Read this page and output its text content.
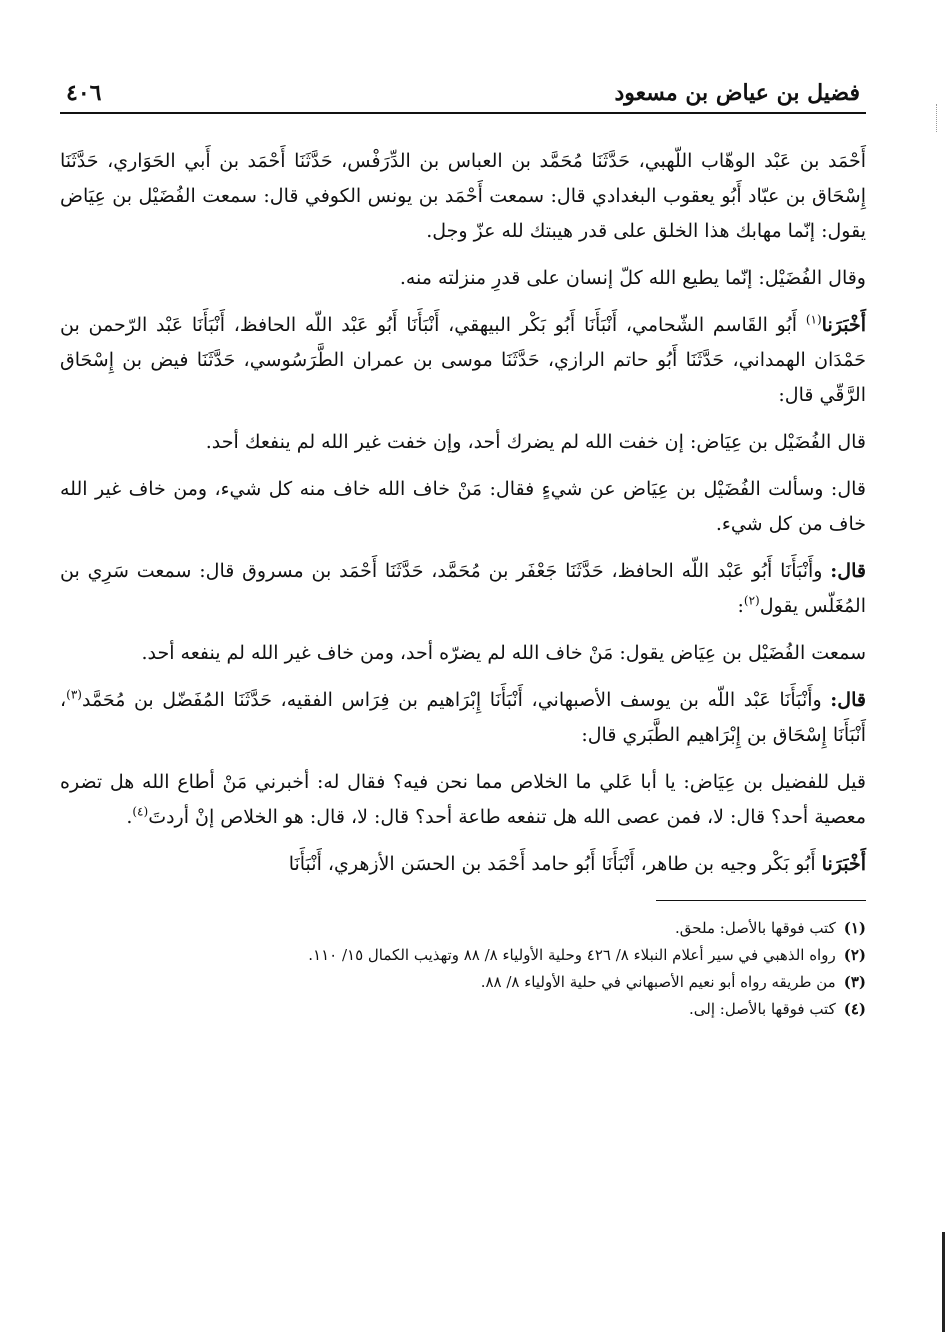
فضيل بن عياض بن مسعود
٤٠٦

أَحْمَد بن عَبْد الوهّاب اللّهبي، حَدَّثَنَا مُحَمَّد بن العباس بن الدِّرَفْس، حَدَّثَنَا أَحْمَد بن أَبي الحَوَاري، حَدَّثَنَا إِسْحَاق بن عبّاد أَبُو يعقوب البغدادي قال: سمعت أَحْمَد بن يونس الكوفي قال: سمعت الفُضَيْل بن عِيَاض يقول: إنّما مهابك هذا الخلق على قدر هيبتك لله عزّ وجل.

وقال الفُضَيْل: إنّما يطيع الله كلّ إنسان على قدرِ منزلته منه.

أَخْبَرَنا$^{(١)}$ أَبُو القَاسم الشّحامي، أَنْبَأَنَا أَبُو بَكْر البيهقي، أَنْبَأَنَا أَبُو عَبْد اللّه الحافظ، أَنْبَأَنَا عَبْد الرّحمن بن حَمْدَان الهمداني، حَدَّثَنَا أَبُو حاتم الرازي، حَدَّثَنَا موسى بن عمران الطَّرَسُوسي، حَدَّثَنَا فيض بن إِسْحَاق الرَّقّي قال:

قال الفُضَيْل بن عِيَاض: إن خفت الله لم يضرك أحد، وإن خفت غير الله لم ينفعك أحد.

قال: وسألت الفُضَيْل بن عِيَاض عن شيءٍ فقال: مَنْ خاف الله خاف منه كل شيء، ومن خاف غير الله خاف من كل شيء.

قال: وأَنْبَأَنَا أَبُو عَبْد اللّه الحافظ، حَدَّثَنَا جَعْفَر بن مُحَمَّد، حَدَّثَنَا أَحْمَد بن مسروق قال: سمعت سَرِي بن المُغَلّس يقول$^{(٢)}$:

سمعت الفُضَيْل بن عِيَاض يقول: مَنْ خاف الله لم يضرّه أحد، ومن خاف غير الله لم ينفعه أحد.

قال: وأَنْبَأَنَا عَبْد اللّه بن يوسف الأصبهاني، أَنْبَأَنَا إِبْرَاهيم بن فِرَاس الفقيه، حَدَّثَنَا المُفَضّل بن مُحَمَّد$^{(٣)}$، أَنْبَأَنَا إِسْحَاق بن إِبْرَاهيم الطَّبَري قال:

قيل للفضيل بن عِيَاض: يا أبا عَلي ما الخلاص مما نحن فيه؟ فقال له: أخبرني مَنْ أطاع الله هل تضره معصية أحد؟ قال: لا، فمن عصى الله هل تنفعه طاعة أحد؟ قال: لا، قال: هو الخلاص إنْ أردتَ$^{(٤)}$.

أَخْبَرَنا أَبُو بَكْر وجيه بن طاهر، أَنْبَأَنَا أَبُو حامد أَحْمَد بن الحسَن الأزهري، أَنْبَأَنَا

(١)كتب فوقها بالأصل: ملحق.

(٢)رواه الذهبي في سير أعلام النبلاء ٨/ ٤٢٦ وحلية الأولياء ٨/ ٨٨ وتهذيب الكمال ١٥/ ١١٠.

(٣)من طريقه رواه أبو نعيم الأصبهاني في حلية الأولياء ٨/ ٨٨.

(٤)كتب فوقها بالأصل: إلى.
